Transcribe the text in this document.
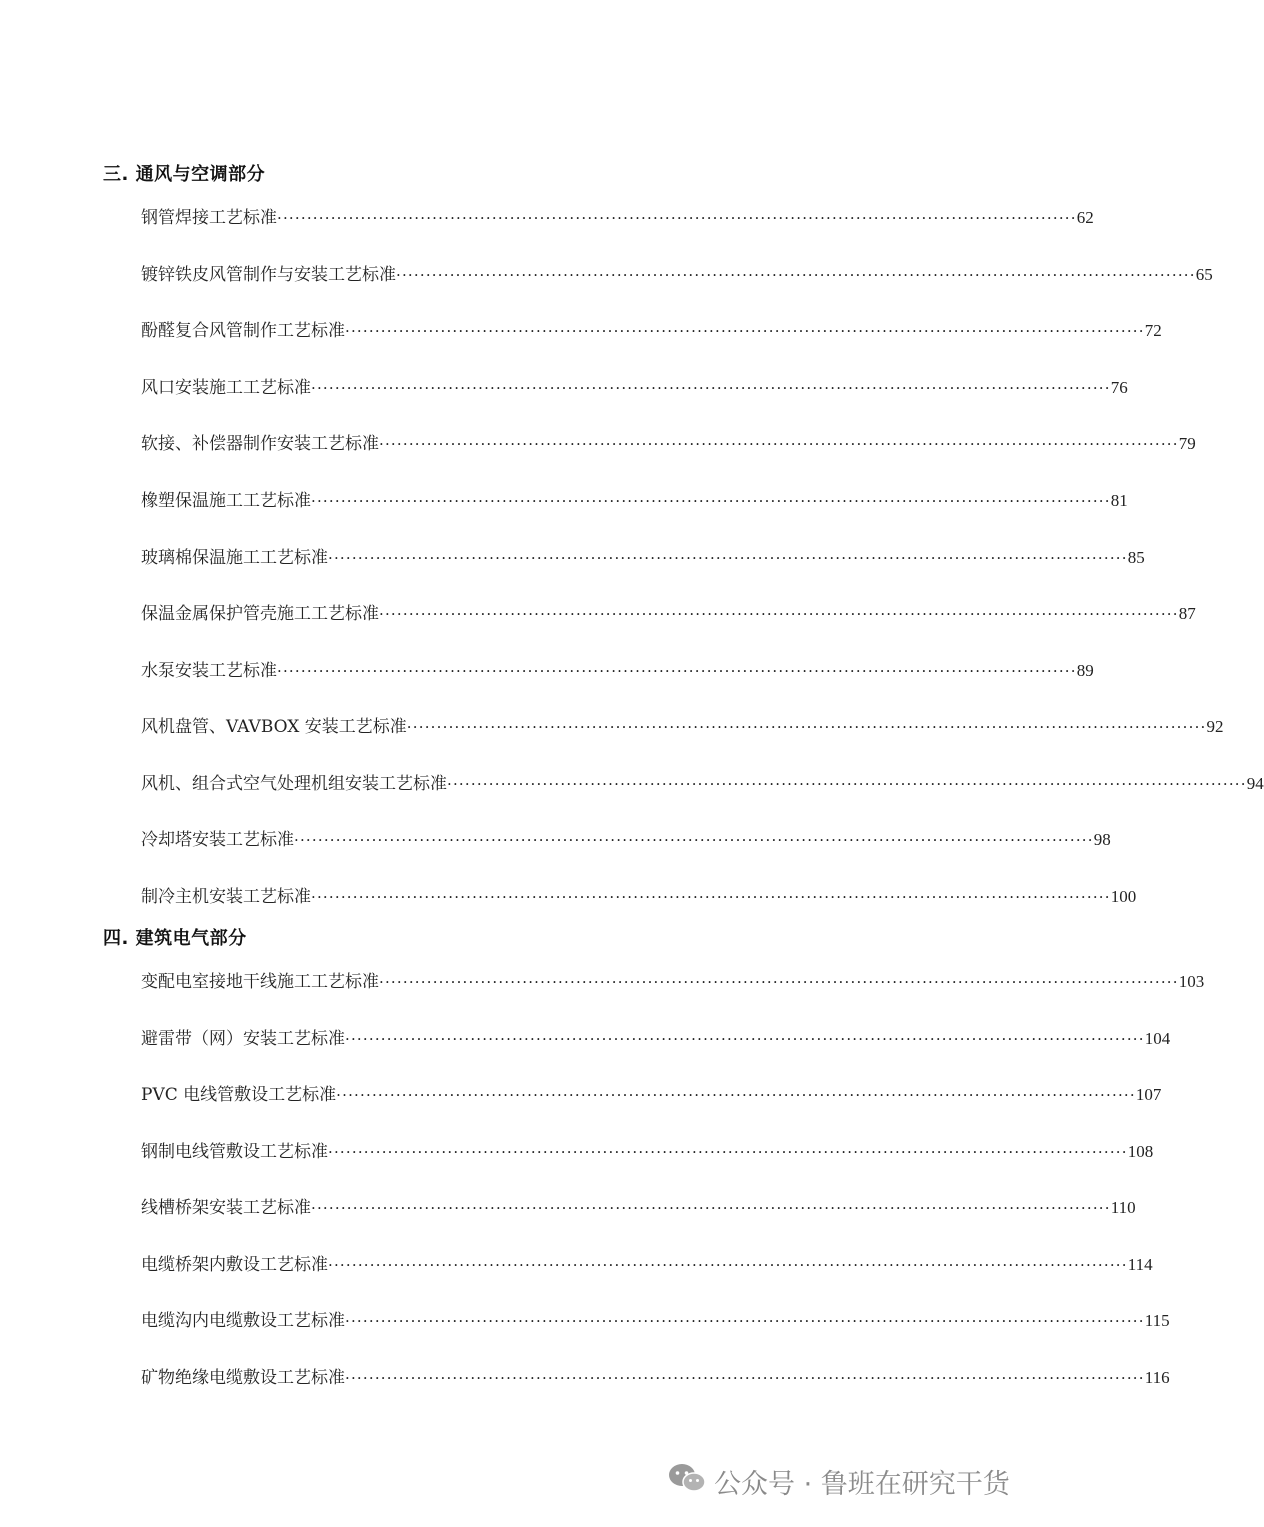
三. 通风与空调部分
钢管焊接工艺标准 ······································································································································ 62
镀锌铁皮风管制作与安装工艺标准 ······································································································································ 65
酚醛复合风管制作工艺标准 ······································································································································ 72
风口安装施工工艺标准 ······································································································································ 76
软接、补偿器制作安装工艺标准 ······································································································································ 79
橡塑保温施工工艺标准 ······································································································································ 81
玻璃棉保温施工工艺标准 ······································································································································ 85
保温金属保护管壳施工工艺标准 ······································································································································ 87
水泵安装工艺标准 ······································································································································ 89
风机盘管、VAVBOX 安装工艺标准 ······································································································································ 92
风机、组合式空气处理机组安装工艺标准 ······································································································································ 94
冷却塔安装工艺标准 ······································································································································ 98
制冷主机安装工艺标准 ······································································································································ 100
四. 建筑电气部分
变配电室接地干线施工工艺标准 ······································································································································ 103
避雷带（网）安装工艺标准 ······································································································································ 104
PVC 电线管敷设工艺标准 ······································································································································ 107
钢制电线管敷设工艺标准 ······································································································································ 108
线槽桥架安装工艺标准 ······································································································································ 110
电缆桥架内敷设工艺标准 ······································································································································ 114
电缆沟内电缆敷设工艺标准 ······································································································································ 115
矿物绝缘电缆敷设工艺标准 ······································································································································ 116
公众号 · 鲁班在研究干货
